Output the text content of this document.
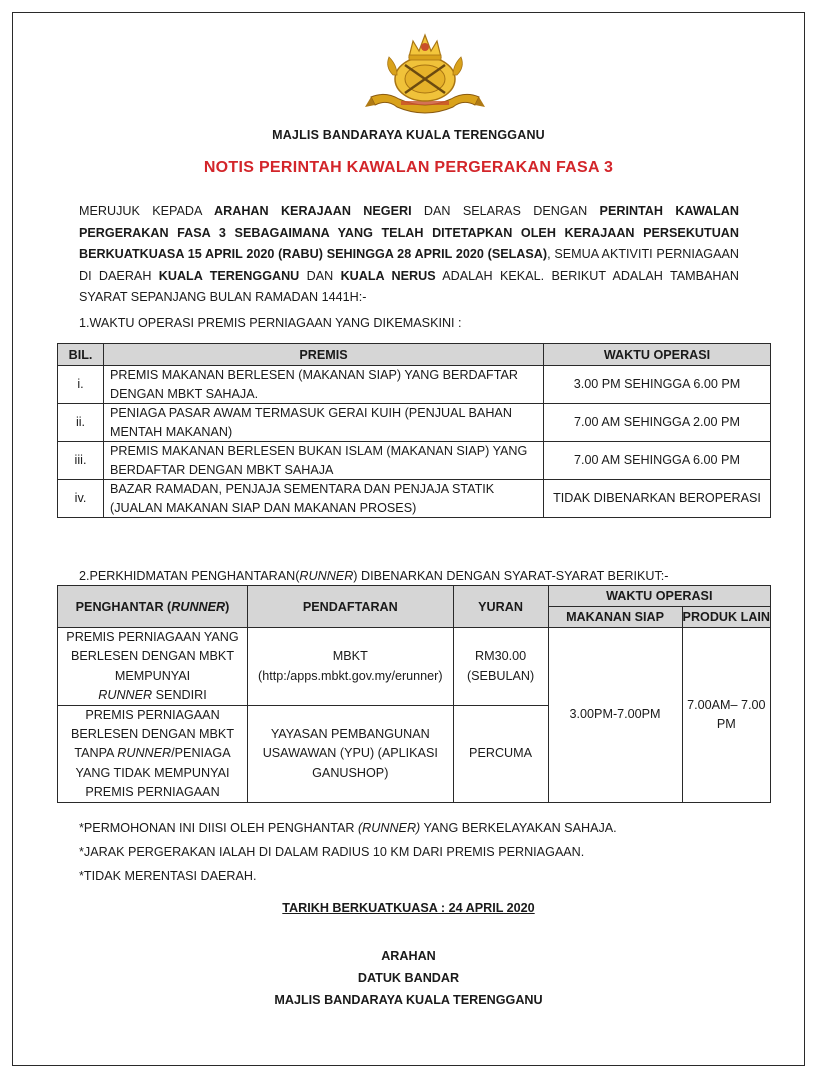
MAJLIS BANDARAYA KUALA TERENGGANU
NOTIS PERINTAH KAWALAN PERGERAKAN FASA 3

MERUJUK KEPADA ARAHAN KERAJAAN NEGERI DAN SELARAS DENGAN PERINTAH KAWALAN PERGERAKAN FASA 3 SEBAGAIMANA YANG TELAH DITETAPKAN OLEH KERAJAAN PERSEKUTUAN BERKUATKUASA 15 APRIL 2020 (RABU) SEHINGGA 28 APRIL 2020 (SELASA), SEMUA AKTIVITI PERNIAGAAN DI DAERAH KUALA TERENGGANU DAN KUALA NERUS ADALAH KEKAL. BERIKUT ADALAH TAMBAHAN SYARAT SEPANJANG BULAN RAMADAN 1441H:-

1.WAKTU OPERASI PREMIS PERNIAGAAN YANG DIKEMASKINI :
BIL.	PREMIS	WAKTU OPERASI
i.	PREMIS MAKANAN BERLESEN (MAKANAN SIAP) YANG BERDAFTAR DENGAN MBKT SAHAJA.	3.00 PM SEHINGGA 6.00 PM
ii.	PENIAGA PASAR AWAM TERMASUK GERAI KUIH (PENJUAL BAHAN MENTAH MAKANAN)	7.00 AM SEHINGGA 2.00 PM
iii.	PREMIS MAKANAN BERLESEN BUKAN ISLAM (MAKANAN SIAP) YANG BERDAFTAR DENGAN MBKT SAHAJA	7.00 AM SEHINGGA 6.00 PM
iv.	BAZAR RAMADAN, PENJAJA SEMENTARA DAN PENJAJA STATIK (JUALAN MAKANAN SIAP DAN MAKANAN PROSES)	TIDAK DIBENARKAN BEROPERASI
2.PERKHIDMATAN PENGHANTARAN(RUNNER) DIBENARKAN DENGAN SYARAT-SYARAT BERIKUT:-
PENGHANTAR (RUNNER)	PENDAFTARAN	YURAN	WAKTU OPERASI	
			MAKANAN SIAP	PRODUK LAIN
PREMIS PERNIAGAAN YANG BERLESEN DENGAN MBKT MEMPUNYAI
RUNNER SENDIRI	MBKT (http:/apps.mbkt.gov.my/erunner)	RM30.00 (SEBULAN)	3.00PM-7.00PM	7.00AM– 7.00 PM
PREMIS PERNIAGAAN BERLESEN DENGAN MBKT TANPA RUNNER/PENIAGA YANG TIDAK MEMPUNYAI PREMIS PERNIAGAAN	YAYASAN PEMBANGUNAN USAWAWAN (YPU) (APLIKASI GANUSHOP)	PERCUMA		
*PERMOHONAN INI DIISI OLEH PENGHANTAR (RUNNER) YANG BERKELAYAKAN SAHAJA.
*JARAK PERGERAKAN IALAH DI DALAM RADIUS 10 KM DARI PREMIS PERNIAGAAN.
*TIDAK MERENTASI DAERAH.
TARIKH BERKUATKUASA : 24 APRIL 2020
ARAHAN
DATUK BANDAR
MAJLIS BANDARAYA KUALA TERENGGANU
